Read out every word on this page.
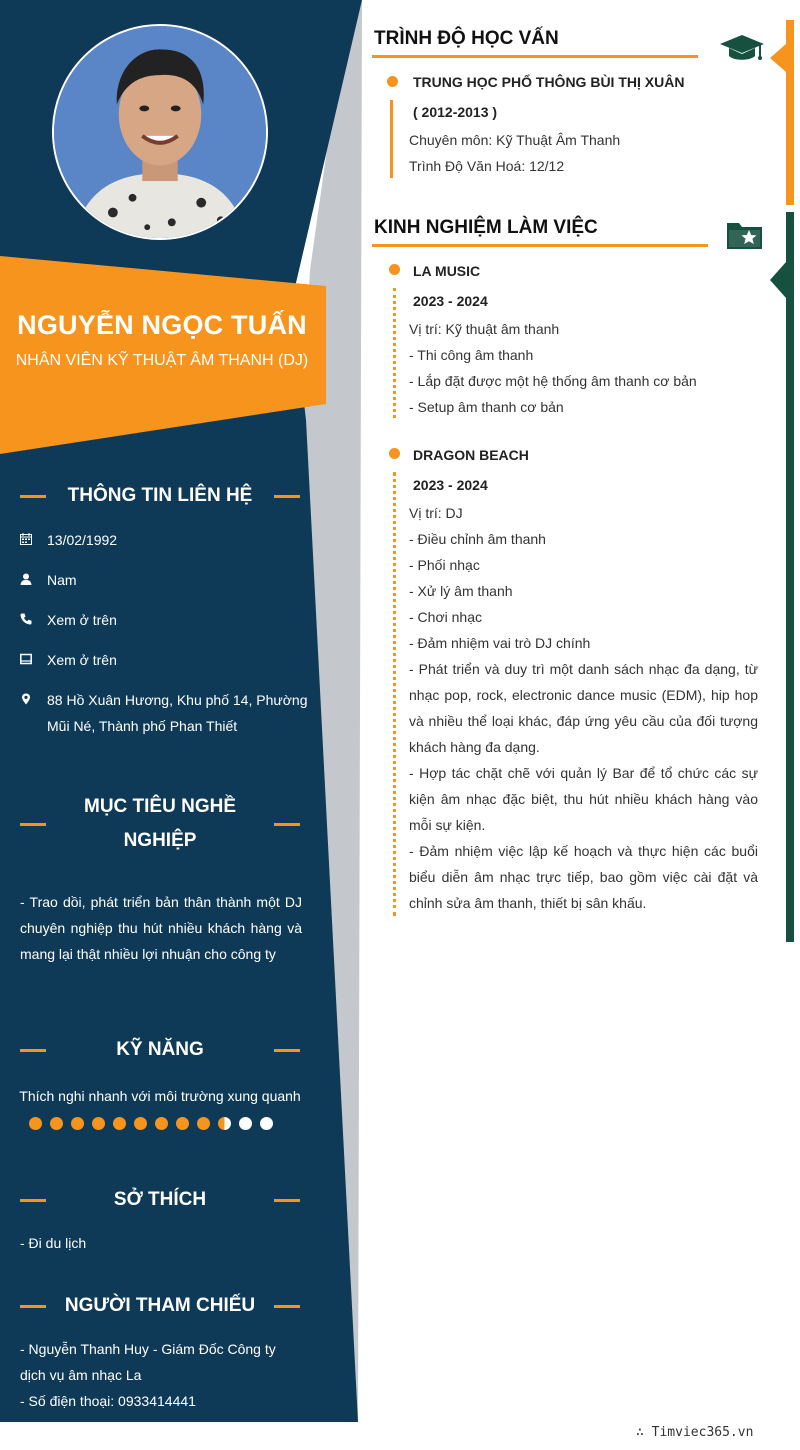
NGUYỄN NGỌC TUẤN
NHÂN VIÊN KỸ THUẬT ÂM THANH (DJ)
THÔNG TIN LIÊN HỆ
13/02/1992
Nam
Xem ở trên
Xem ở trên
88 Hồ Xuân Hương, Khu phố 14, Phường Mũi Né, Thành phố Phan Thiết
MỤC TIÊU NGHỀ
NGHIỆP
- Trao dồi, phát triển bản thân thành một DJ chuyên nghiệp thu hút nhiều khách hàng và mang lại thật nhiều lợi nhuận cho công ty
KỸ NĂNG
Thích nghi nhanh với môi trường xung quanh
SỞ THÍCH
- Đi du lịch
NGƯỜI THAM CHIẾU
- Nguyễn Thanh Huy - Giám Đốc Công ty dịch vụ âm nhạc La
- Số điện thoại: 0933414441
TRÌNH ĐỘ HỌC VẤN
TRUNG HỌC PHỔ THÔNG BÙI THỊ XUÂN
( 2012-2013 )
Chuyên môn: Kỹ Thuật Âm Thanh
Trình Độ Văn Hoá: 12/12
KINH NGHIỆM LÀM VIỆC
LA MUSIC
2023 - 2024
Vị trí: Kỹ thuật âm thanh
- Thi công âm thanh
- Lắp đặt được một hệ thống âm thanh cơ bản
- Setup âm thanh cơ bản
DRAGON BEACH
2023 - 2024
Vị trí: DJ
- Điều chỉnh âm thanh
- Phối nhạc
- Xử lý âm thanh
- Chơi nhạc
- Đảm nhiệm vai trò DJ chính
- Phát triển và duy trì một danh sách nhạc đa dạng, từ nhạc pop, rock, electronic dance music (EDM), hip hop và nhiều thể loại khác, đáp ứng yêu cầu của đối tượng khách hàng đa dạng.
- Hợp tác chặt chẽ với quản lý Bar để tổ chức các sự kiện âm nhạc đặc biệt, thu hút nhiều khách hàng vào mỗi sự kiện.
- Đảm nhiệm việc lập kế hoạch và thực hiện các buổi biểu diễn âm nhạc trực tiếp, bao gồm việc cài đặt và chỉnh sửa âm thanh, thiết bị sân khấu.
∴ Timviec365.vn
